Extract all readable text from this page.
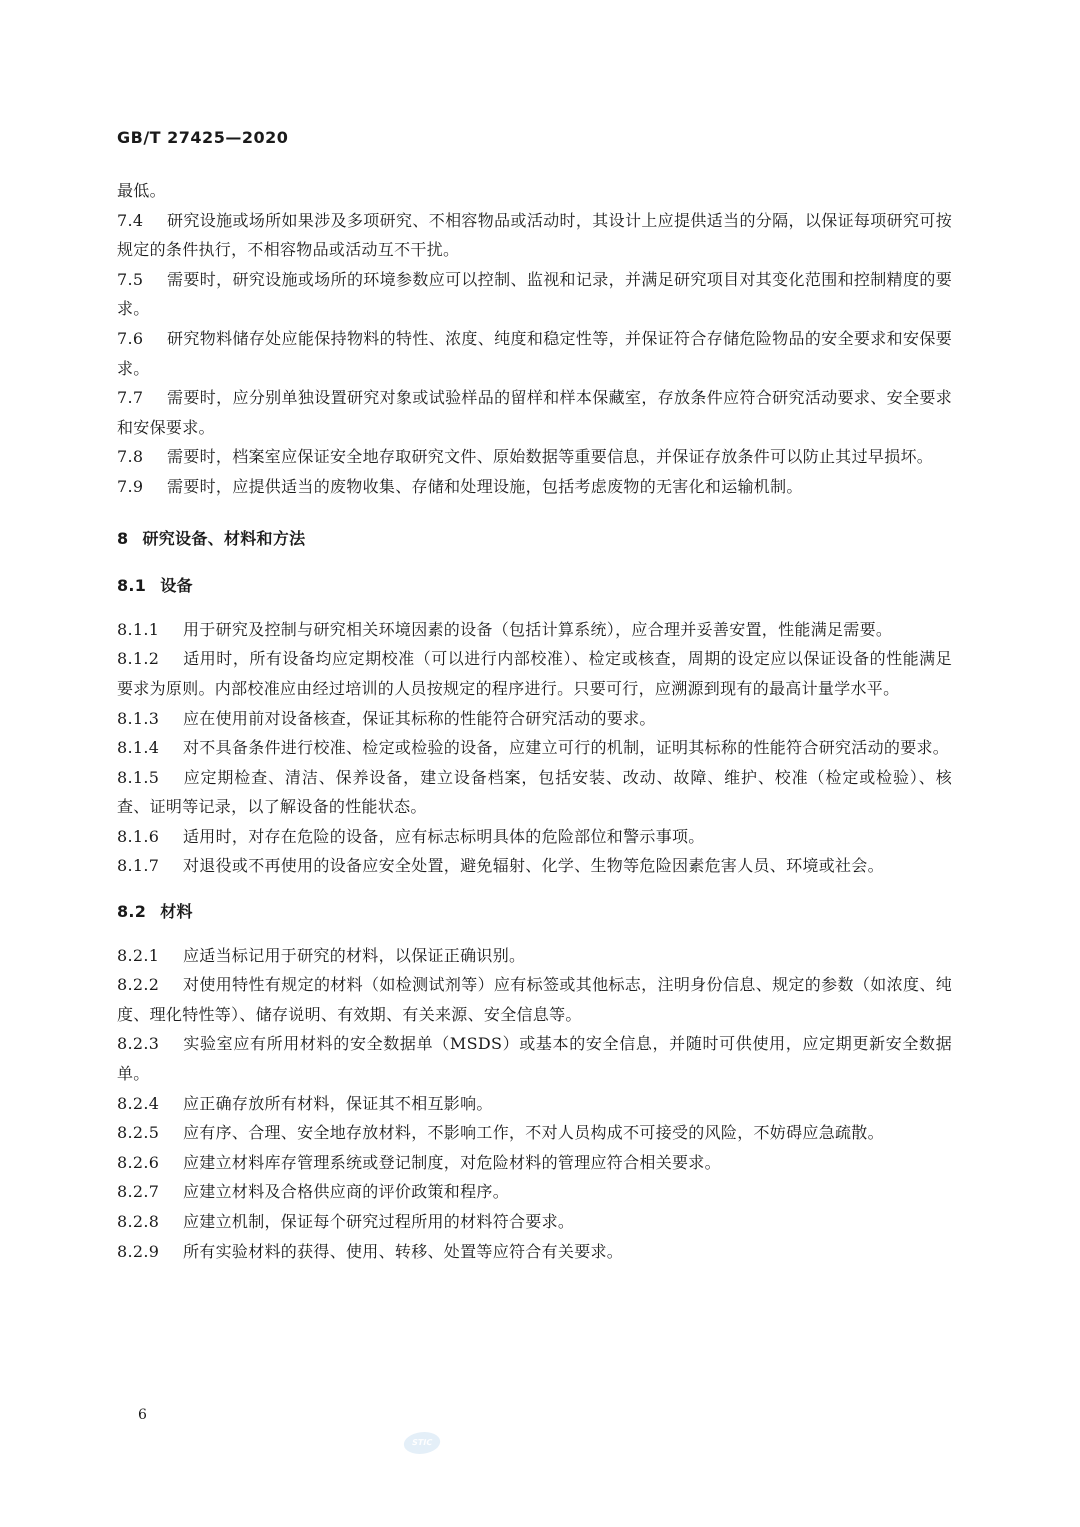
GB/T 27425—2020

最低。

7.4 研究设施或场所如果涉及多项研究、不相容物品或活动时，其设计上应提供适当的分隔，以保证每项研究可按规定的条件执行，不相容物品或活动互不干扰。

7.5 需要时，研究设施或场所的环境参数应可以控制、监视和记录，并满足研究项目对其变化范围和控制精度的要求。

7.6 研究物料储存处应能保持物料的特性、浓度、纯度和稳定性等，并保证符合存储危险物品的安全要求和安保要求。

7.7 需要时，应分别单独设置研究对象或试验样品的留样和样本保藏室，存放条件应符合研究活动要求、安全要求和安保要求。

7.8 需要时，档案室应保证安全地存取研究文件、原始数据等重要信息，并保证存放条件可以防止其过早损坏。

7.9 需要时，应提供适当的废物收集、存储和处理设施，包括考虑废物的无害化和运输机制。

8 研究设备、材料和方法

8.1 设备

8.1.1 用于研究及控制与研究相关环境因素的设备（包括计算系统），应合理并妥善安置，性能满足需要。

8.1.2 适用时，所有设备均应定期校准（可以进行内部校准）、检定或核查，周期的设定应以保证设备的性能满足要求为原则。内部校准应由经过培训的人员按规定的程序进行。只要可行，应溯源到现有的最高计量学水平。

8.1.3 应在使用前对设备核查，保证其标称的性能符合研究活动的要求。

8.1.4 对不具备条件进行校准、检定或检验的设备，应建立可行的机制，证明其标称的性能符合研究活动的要求。

8.1.5 应定期检查、清洁、保养设备，建立设备档案，包括安装、改动、故障、维护、校准（检定或检验）、核查、证明等记录，以了解设备的性能状态。

8.1.6 适用时，对存在危险的设备，应有标志标明具体的危险部位和警示事项。

8.1.7 对退役或不再使用的设备应安全处置，避免辐射、化学、生物等危险因素危害人员、环境或社会。

8.2 材料

8.2.1 应适当标记用于研究的材料，以保证正确识别。

8.2.2 对使用特性有规定的材料（如检测试剂等）应有标签或其他标志，注明身份信息、规定的参数（如浓度、纯度、理化特性等）、储存说明、有效期、有关来源、安全信息等。

8.2.3 实验室应有所用材料的安全数据单（MSDS）或基本的安全信息，并随时可供使用，应定期更新安全数据单。

8.2.4 应正确存放所有材料，保证其不相互影响。

8.2.5 应有序、合理、安全地存放材料，不影响工作，不对人员构成不可接受的风险，不妨碍应急疏散。

8.2.6 应建立材料库存管理系统或登记制度，对危险材料的管理应符合相关要求。

8.2.7 应建立材料及合格供应商的评价政策和程序。

8.2.8 应建立机制，保证每个研究过程所用的材料符合要求。

8.2.9 所有实验材料的获得、使用、转移、处置等应符合有关要求。

6
STIC
